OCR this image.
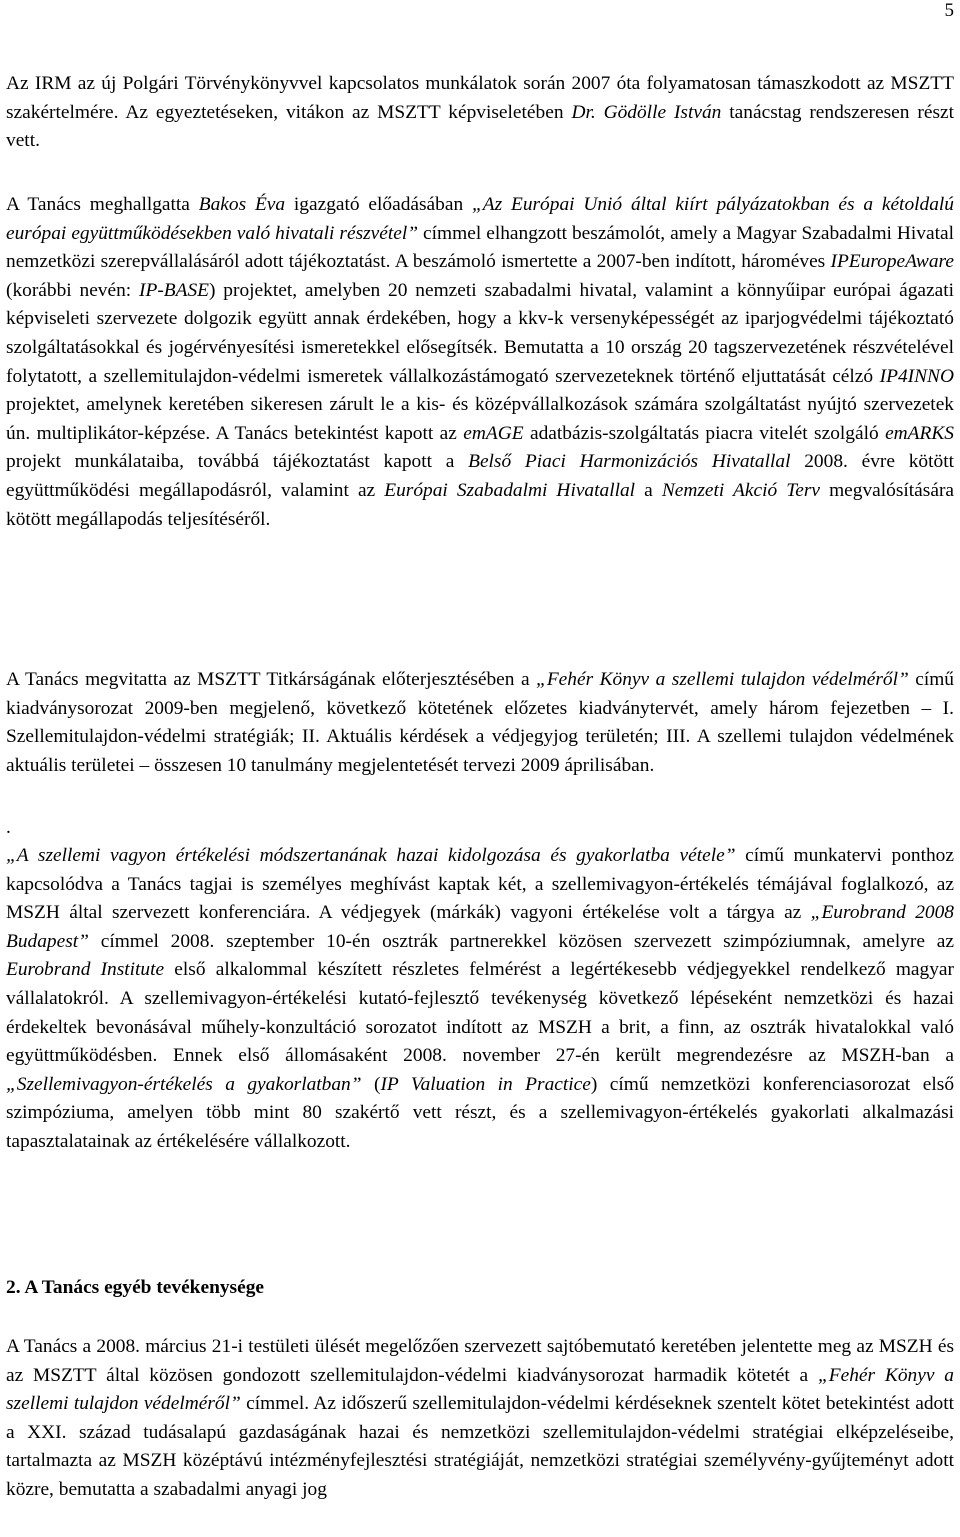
5

Az IRM az új Polgári Törvénykönyvvel kapcsolatos munkálatok során 2007 óta folyamatosan támaszkodott az MSZTT szakértelmére. Az egyeztetéseken, vitákon az MSZTT képviseletében Dr. Gödölle István tanácstag rendszeresen részt vett.

A Tanács meghallgatta Bakos Éva igazgató előadásában „Az Európai Unió által kiírt pályázatokban és a kétoldalú európai együttműködésekben való hivatali részvétel” címmel elhangzott beszámolót, amely a Magyar Szabadalmi Hivatal nemzetközi szerepvállalásáról adott tájékoztatást. A beszámoló ismertette a 2007-ben indított, hároméves IPEuropeAware (korábbi nevén: IP-BASE) projektet, amelyben 20 nemzeti szabadalmi hivatal, valamint a könnyűipar európai ágazati képviseleti szervezete dolgozik együtt annak érdekében, hogy a kkv-k versenyképességét az iparjogvédelmi tájékoztató szolgáltatásokkal és jogérvényesítési ismeretekkel elősegítsék. Bemutatta a 10 ország 20 tagszervezetének részvételével folytatott, a szellemitulajdon-védelmi ismeretek vállalkozástámogató szervezeteknek történő eljuttatását célzó IP4INNO projektet, amelynek keretében sikeresen zárult le a kis- és középvállalkozások számára szolgáltatást nyújtó szervezetek ún. multiplikátor-képzése. A Tanács betekintést kapott az emAGE adatbázis-szolgáltatás piacra vitelét szolgáló emARKS projekt munkálataiba, továbbá tájékoztatást kapott a Belső Piaci Harmonizációs Hivatallal 2008. évre kötött együttműködési megállapodásról, valamint az Európai Szabadalmi Hivatallal a Nemzeti Akció Terv megvalósítására kötött megállapodás teljesítéséről.

A Tanács megvitatta az MSZTT Titkárságának előterjesztésében a „Fehér Könyv a szellemi tulajdon védelméről” című kiadványsorozat 2009-ben megjelenő, következő kötetének előzetes kiadványtervét, amely három fejezetben – I. Szellemitulajdon-védelmi stratégiák; II. Aktuális kérdések a védjegyjog területén; III. A szellemi tulajdon védelmének aktuális területei – összesen 10 tanulmány megjelentetését tervezi 2009 áprilisában.

.

„A szellemi vagyon értékelési módszertanának hazai kidolgozása és gyakorlatba vétele” című munkatervi ponthoz kapcsolódva a Tanács tagjai is személyes meghívást kaptak két, a szellemivagyon-értékelés témájával foglalkozó, az MSZH által szervezett konferenciára. A védjegyek (márkák) vagyoni értékelése volt a tárgya az „Eurobrand 2008 Budapest” címmel 2008. szeptember 10-én osztrák partnerekkel közösen szervezett szimpóziumnak, amelyre az Eurobrand Institute első alkalommal készített részletes felmérést a legértékesebb védjegyekkel rendelkező magyar vállalatokról. A szellemivagyon-értékelési kutató-fejlesztő tevékenység következő lépéseként nemzetközi és hazai érdekeltek bevonásával műhely-konzultáció sorozatot indított az MSZH a brit, a finn, az osztrák hivatalokkal való együttműködésben. Ennek első állomásaként 2008. november 27-én került megrendezésre az MSZH-ban a „Szellemivagyon-értékelés a gyakorlatban” (IP Valuation in Practice) című nemzetközi konferenciasorozat első szimpóziuma, amelyen több mint 80 szakértő vett részt, és a szellemivagyon-értékelés gyakorlati alkalmazási tapasztalatainak az értékelésére vállalkozott.

2. A Tanács egyéb tevékenysége

A Tanács a 2008. március 21-i testületi ülését megelőzően szervezett sajtóbemutató keretében jelentette meg az MSZH és az MSZTT által közösen gondozott szellemitulajdon-védelmi kiadványsorozat harmadik kötetét a „Fehér Könyv a szellemi tulajdon védelméről” címmel. Az időszerű szellemitulajdon-védelmi kérdéseknek szentelt kötet betekintést adott a XXI. század tudásalapú gazdaságának hazai és nemzetközi szellemitulajdon-védelmi stratégiai elképzeléseibe, tartalmazta az MSZH középtávú intézményfejlesztési stratégiáját, nemzetközi stratégiai személyvény-gyűjteményt adott közre, bemutatta a szabadalmi anyagi jog
